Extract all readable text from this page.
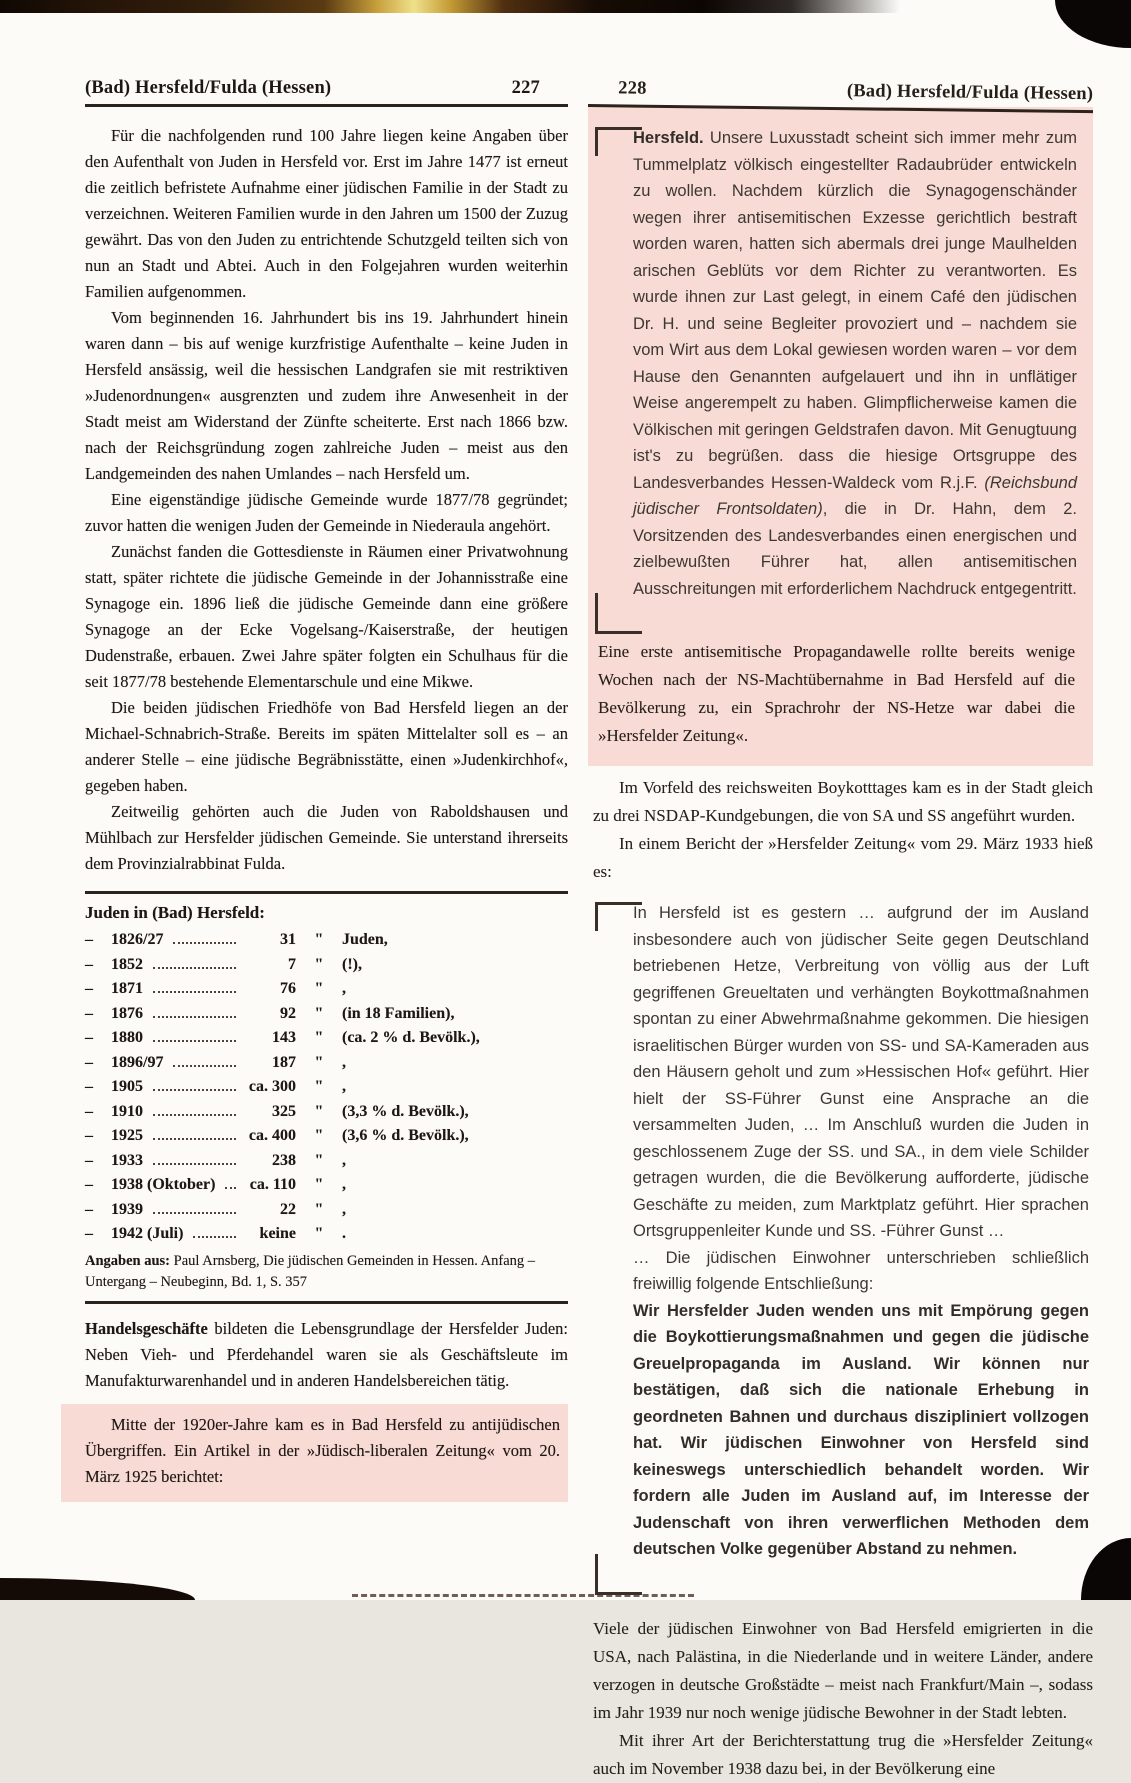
(Bad) Hersfeld/Fulda (Hessen)	227

Für die nachfolgenden rund 100 Jahre liegen keine Angaben über den Aufenthalt von Juden in Hersfeld vor. Erst im Jahre 1477 ist erneut die zeitlich befristete Aufnahme einer jüdischen Familie in der Stadt zu verzeichnen. Weiteren Familien wurde in den Jahren um 1500 der Zuzug gewährt. Das von den Juden zu entrichtende Schutzgeld teilten sich von nun an Stadt und Abtei. Auch in den Folgejahren wurden weiterhin Familien aufgenommen.

Vom beginnenden 16. Jahrhundert bis ins 19. Jahrhundert hinein waren dann – bis auf wenige kurzfristige Aufenthalte – keine Juden in Hersfeld ansässig, weil die hessischen Landgrafen sie mit restriktiven »Judenordnungen« ausgrenzten und zudem ihre Anwesenheit in der Stadt meist am Widerstand der Zünfte scheiterte. Erst nach 1866 bzw. nach der Reichsgründung zogen zahlreiche Juden – meist aus den Landgemeinden des nahen Umlandes – nach Hersfeld um.

Eine eigenständige jüdische Gemeinde wurde 1877/78 gegründet; zuvor hatten die wenigen Juden der Gemeinde in Niederaula angehört.

Zunächst fanden die Gottesdienste in Räumen einer Privatwohnung statt, später richtete die jüdische Gemeinde in der Johannisstraße eine Synagoge ein. 1896 ließ die jüdische Gemeinde dann eine größere Synagoge an der Ecke Vogelsang-/Kaiserstraße, der heutigen Dudenstraße, erbauen. Zwei Jahre später folgten ein Schulhaus für die seit 1877/78 bestehende Elementarschule und eine Mikwe.

Die beiden jüdischen Friedhöfe von Bad Hersfeld liegen an der Michael-Schnabrich-Straße. Bereits im späten Mittelalter soll es – an anderer Stelle – eine jüdische Begräbnisstätte, einen »Judenkirchhof«, gegeben haben.

Zeitweilig gehörten auch die Juden von Raboldshausen und Mühlbach zur Hersfelder jüdischen Gemeinde. Sie unterstand ihrerseits dem Provinzialrabbinat Fulda.

Juden in (Bad) Hersfeld:
–	1826/27	31	"	Juden,
–	1852	7	"	(!),
–	1871	76	"	,
–	1876	92	"	(in 18 Familien),
–	1880	143	"	(ca. 2 % d. Bevölk.),
–	1896/97	187	"	,
–	1905	ca. 300	"	,
–	1910	325	"	(3,3 % d. Bevölk.),
–	1925	ca. 400	"	(3,6 % d. Bevölk.),
–	1933	238	"	,
–	1938 (Oktober)	ca. 110	"	,
–	1939	22	"	,
–	1942 (Juli)	keine	"	.
Angaben aus: Paul Arnsberg, Die jüdischen Gemeinden in Hessen. Anfang – Untergang – Neubeginn, Bd. 1, S. 357

Handelsgeschäfte bildeten die Lebensgrundlage der Hersfelder Juden: Neben Vieh- und Pferdehandel waren sie als Geschäftsleute im Manufakturwarenhandel und in anderen Handelsbereichen tätig.

Mitte der 1920er-Jahre kam es in Bad Hersfeld zu antijüdischen Übergriffen. Ein Artikel in der »Jüdisch-liberalen Zeitung« vom 20. März 1925 berichtet:

228	(Bad) Hersfeld/Fulda (Hessen)

Hersfeld. Unsere Luxusstadt scheint sich immer mehr zum Tummelplatz völkisch eingestellter Radaubrüder entwickeln zu wollen. Nachdem kürzlich die Synagogenschänder wegen ihrer antisemitischen Exzesse gerichtlich bestraft worden waren, hatten sich abermals drei junge Maulhelden arischen Geblüts vor dem Richter zu verantworten. Es wurde ihnen zur Last gelegt, in einem Café den jüdischen Dr. H. und seine Begleiter provoziert und – nachdem sie vom Wirt aus dem Lokal gewiesen worden waren – vor dem Hause den Genannten aufgelauert und ihn in unflätiger Weise angerempelt zu haben. Glimpflicherweise kamen die Völkischen mit geringen Geldstrafen davon. Mit Genugtuung ist's zu begrüßen. dass die hiesige Ortsgruppe des Landesverbandes Hessen-Waldeck vom R.j.F. (Reichsbund jüdischer Frontsoldaten), die in Dr. Hahn, dem 2. Vorsitzenden des Landesverbandes einen energischen und zielbewußten Führer hat, allen antisemitischen Ausschreitungen mit erforderlichem Nachdruck entgegentritt.

Eine erste antisemitische Propagandawelle rollte bereits wenige Wochen nach der NS-Machtübernahme in Bad Hersfeld auf die Bevölkerung zu, ein Sprachrohr der NS-Hetze war dabei die »Hersfelder Zeitung«.

Im Vorfeld des reichsweiten Boykotttages kam es in der Stadt gleich zu drei NSDAP-Kundgebungen, die von SA und SS angeführt wurden.

In einem Bericht der »Hersfelder Zeitung« vom 29. März 1933 hieß es:

In Hersfeld ist es gestern … aufgrund der im Ausland insbesondere auch von jüdischer Seite gegen Deutschland betriebenen Hetze, Verbreitung von völlig aus der Luft gegriffenen Greueltaten und verhängten Boykottmaßnahmen spontan zu einer Abwehrmaßnahme gekommen. Die hiesigen israelitischen Bürger wurden von SS- und SA-Kameraden aus den Häusern geholt und zum »Hessischen Hof« geführt. Hier hielt der SS-Führer Gunst eine Ansprache an die versammelten Juden, … Im Anschluß wurden die Juden in geschlossenem Zuge der SS. und SA., in dem viele Schilder getragen wurden, die die Bevölkerung aufforderte, jüdische Geschäfte zu meiden, zum Marktplatz geführt. Hier sprachen Ortsgruppenleiter Kunde und SS. -Führer Gunst …

… Die jüdischen Einwohner unterschrieben schließlich freiwillig folgende Entschließung:

Wir Hersfelder Juden wenden uns mit Empörung gegen die Boykottierungsmaßnahmen und gegen die jüdische Greuelpropaganda im Ausland. Wir können nur bestätigen, daß sich die nationale Erhebung in geordneten Bahnen und durchaus diszipliniert vollzogen hat. Wir jüdischen Einwohner von Hersfeld sind keineswegs unterschiedlich behandelt worden. Wir fordern alle Juden im Ausland auf, im Interesse der Judenschaft von ihren verwerflichen Methoden dem deutschen Volke gegenüber Abstand zu nehmen.

Viele der jüdischen Einwohner von Bad Hersfeld emigrierten in die USA, nach Palästina, in die Niederlande und in weitere Länder, andere verzogen in deutsche Großstädte – meist nach Frankfurt/Main –, sodass im Jahr 1939 nur noch wenige jüdische Bewohner in der Stadt lebten.

Mit ihrer Art der Berichterstattung trug die »Hersfelder Zeitung« auch im November 1938 dazu bei, in der Bevölkerung eine
